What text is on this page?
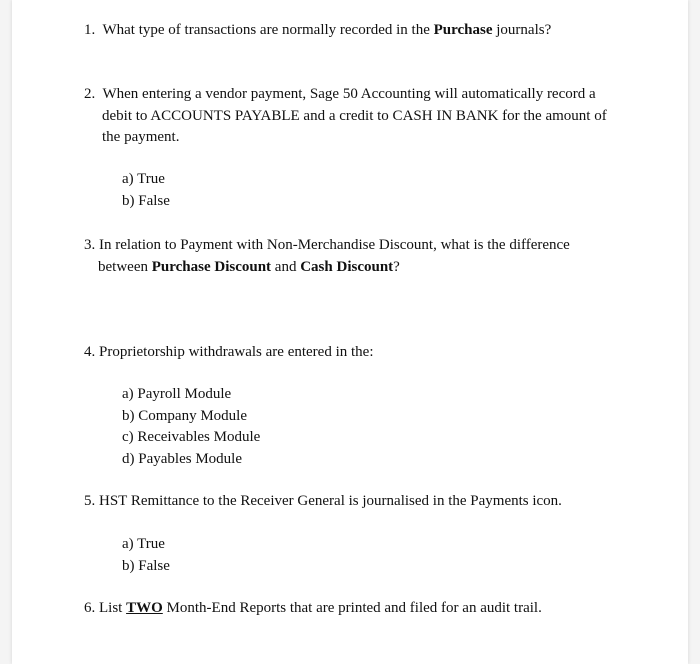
1. What type of transactions are normally recorded in the Purchase journals?
2. When entering a vendor payment, Sage 50 Accounting will automatically record a
debit to ACCOUNTS PAYABLE and a credit to CASH IN BANK for the amount of
the payment.
a) True
b) False
3. In relation to Payment with Non-Merchandise Discount, what is the difference
between Purchase Discount and Cash Discount?
4. Proprietorship withdrawals are entered in the:
a) Payroll Module
b) Company Module
c) Receivables Module
d) Payables Module
5. HST Remittance to the Receiver General is journalised in the Payments icon.
a) True
b) False
6. List TWO Month-End Reports that are printed and filed for an audit trail.
